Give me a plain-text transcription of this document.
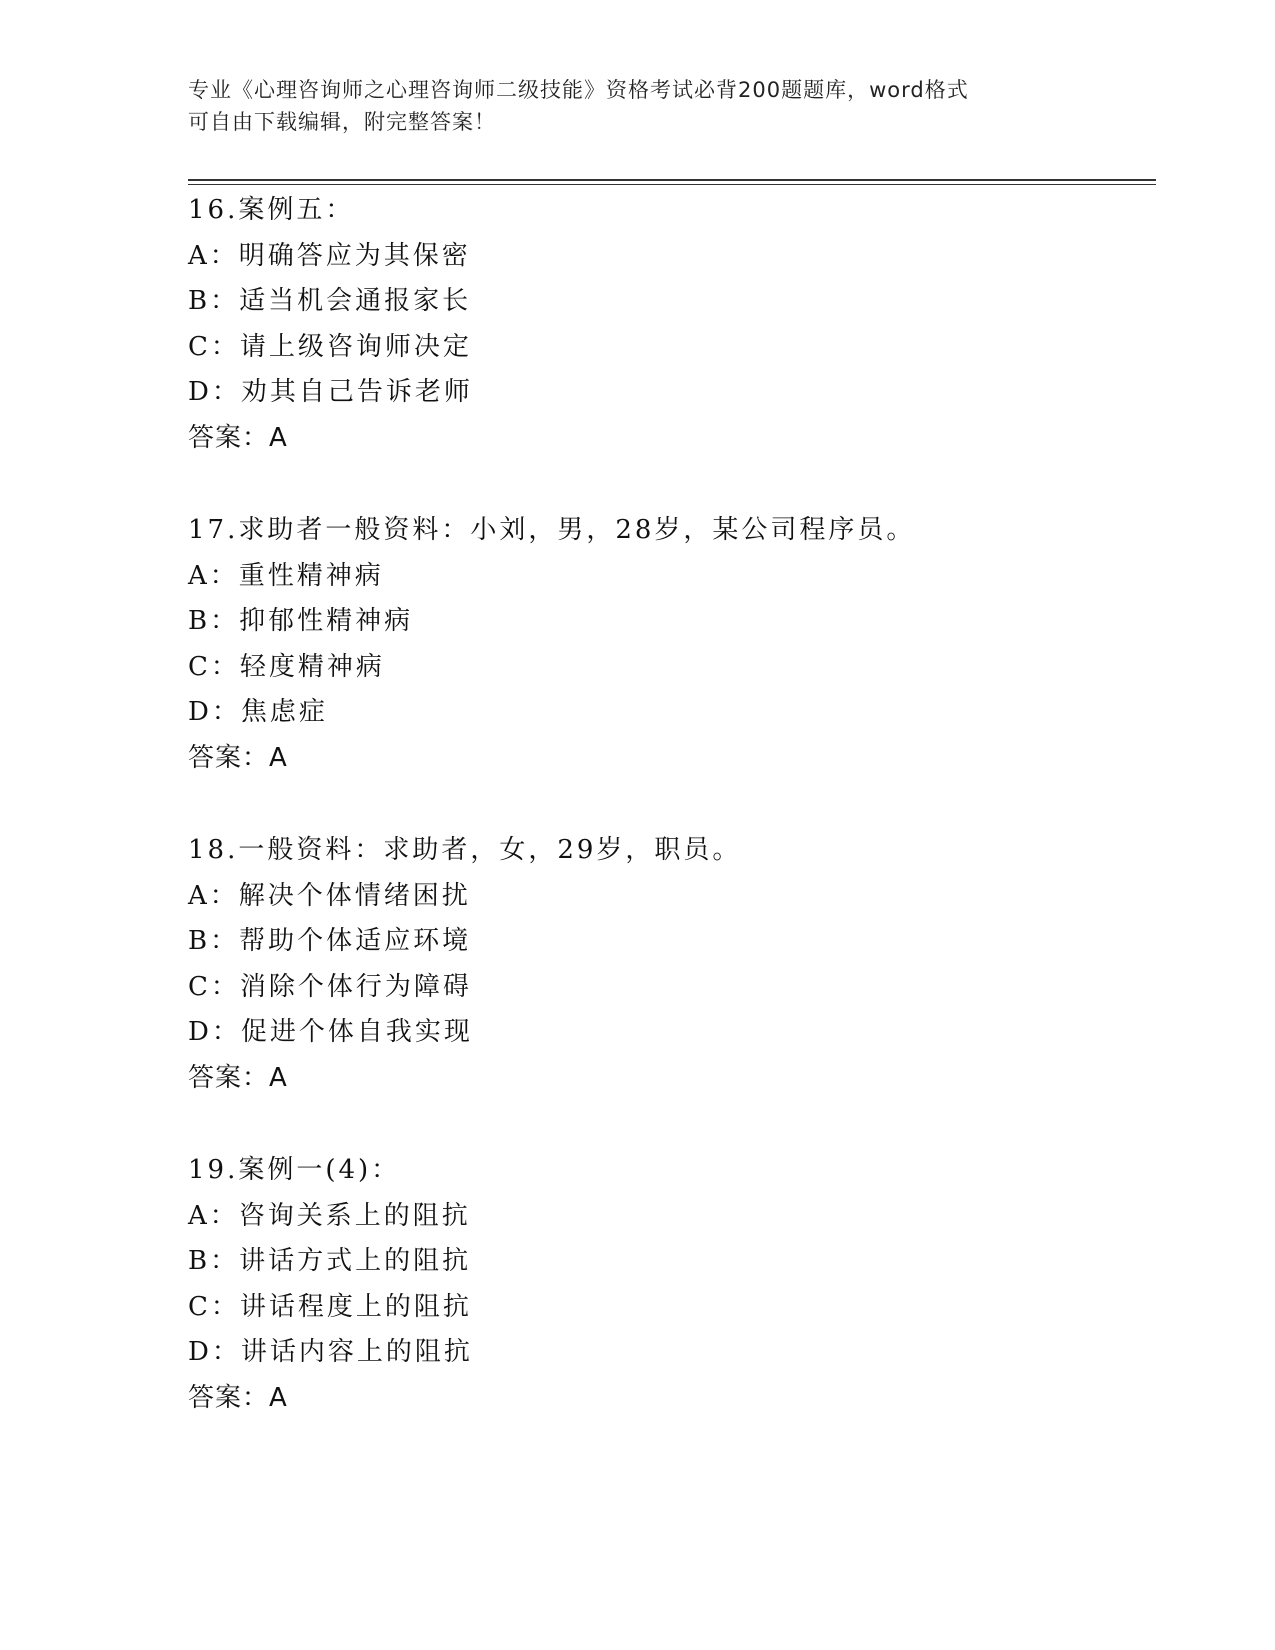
专业《心理咨询师之心理咨询师二级技能》资格考试必背200题题库，word格式
可自由下载编辑，附完整答案！
16.案例五：
A：明确答应为其保密
B：适当机会通报家长
C：请上级咨询师决定
D：劝其自己告诉老师
答案：A
17.求助者一般资料：小刘，男，28岁，某公司程序员。
A：重性精神病
B：抑郁性精神病
C：轻度精神病
D：焦虑症
答案：A
18.一般资料：求助者，女，29岁，职员。
A：解决个体情绪困扰
B：帮助个体适应环境
C：消除个体行为障碍
D：促进个体自我实现
答案：A
19.案例一(4)：
A：咨询关系上的阻抗
B：讲话方式上的阻抗
C：讲话程度上的阻抗
D：讲话内容上的阻抗
答案：A
